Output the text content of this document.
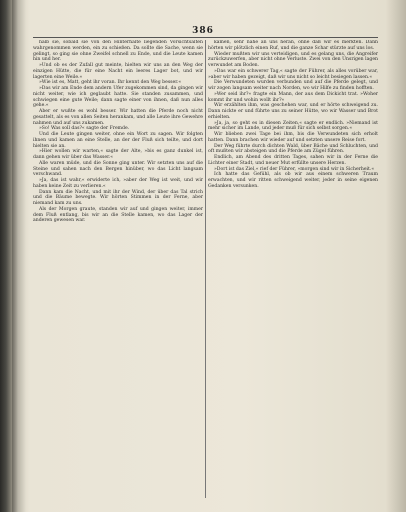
386

halb sie, sobald sie von den Hinterhalte liegenden Vorsichtsalten wahrgenommen werden, ein zu schießen. Da sollte die Sache, wenn sie gelingt, so ging sie ohne Zweifel schnell zu Ende, und die Leute kamen hin und her.

»Und ob es der Zufall gut meinte, hielten wir uns an den Weg der einzigen Hütte, die für eine Nacht ein leeres Lager bot, und wir lagerten eine Weile.«

»Wie ist es, Matt, geht ihr voran. Ihr kennt den Weg besser.«

»Das wir am Ende dem andern Ufer zugekommen sind, da gingen wir nicht weiter, wie ich geglaubt hatte. Sie standen zusammen, und schwiegen eine gute Weile; dann sagte einer von ihnen, daß nun alles gehe.«

Aber er wußte es wohl besser. Wir hatten die Pferde noch nicht gesattelt, als es von allen Seiten herankam, und alle Leute ihre Gewehre nahmen und auf uns zukamen.

»So! Was soll das?« sagte der Fremde.

Und die Leute gingen weiter, ohne ein Wort zu sagen. Wir folgten ihnen und kamen an eine Stelle, an der der Fluß sich teilte, und dort hielten sie an.

»Hier wollen wir warten,« sagte der Alte, »bis es ganz dunkel ist, dann gehen wir über das Wasser.«

Alle waren müde, und die Sonne ging unter. Wir setzten uns auf die Steine und sahen nach den Bergen hinüber, wo das Licht langsam verschwand.

»Ja, das ist wahr,« erwiderte ich, »aber der Weg ist weit, und wir haben keine Zeit zu verlieren.«

Dann kam die Nacht, und mit ihr der Wind, der über das Tal strich und die Bäume bewegte. Wir hörten Stimmen in der Ferne, aber niemand kam zu uns.

Als der Morgen graute, standen wir auf und gingen weiter, immer dem Fluß entlang, bis wir an die Stelle kamen, wo das Lager der anderen gewesen war.

kamen, sehr nahe an uns heran, ohne daß wir es merkten. Dann hörten wir plötzlich einen Ruf, und die ganze Schar stürzte auf uns los.

Wieder mußten wir uns verteidigen, und es gelang uns, die Angreifer zurückzuwerfen, aber nicht ohne Verluste. Zwei von den Unsrigen lagen verwundet am Boden.

»Das war ein schwerer Tag,« sagte der Führer, als alles vorüber war, »aber wir haben gezeigt, daß wir uns nicht so leicht besiegen lassen.«

Die Verwundeten wurden verbunden und auf die Pferde gelegt, und wir zogen langsam weiter nach Norden, wo wir Hilfe zu finden hofften.

»Wer seid ihr?« fragte ein Mann, der aus dem Dickicht trat. »Woher kommt ihr und wohin wollt ihr?«

Wir erzählten ihm, was geschehen war, und er hörte schweigend zu. Dann nickte er und führte uns zu seiner Hütte, wo wir Wasser und Brot erhielten.

»Ja, ja, so geht es in diesen Zeiten,« sagte er endlich. »Niemand ist mehr sicher im Lande, und jeder muß für sich selbst sorgen.«

Wir blieben zwei Tage bei ihm, bis die Verwundeten sich erholt hatten. Dann brachen wir wieder auf und setzten unsere Reise fort.

Der Weg führte durch dichten Wald, über Bäche und Schluchten, und oft mußten wir absteigen und die Pferde am Zügel führen.

Endlich, am Abend des dritten Tages, sahen wir in der Ferne die Lichter einer Stadt, und neuer Mut erfüllte unsere Herzen.

»Dort ist das Ziel,« rief der Führer, »morgen sind wir in Sicherheit.«

Ich hatte das Gefühl, als ob wir aus einem schweren Traum erwachten, und wir ritten schweigend weiter, jeder in seine eigenen Gedanken versunken.
